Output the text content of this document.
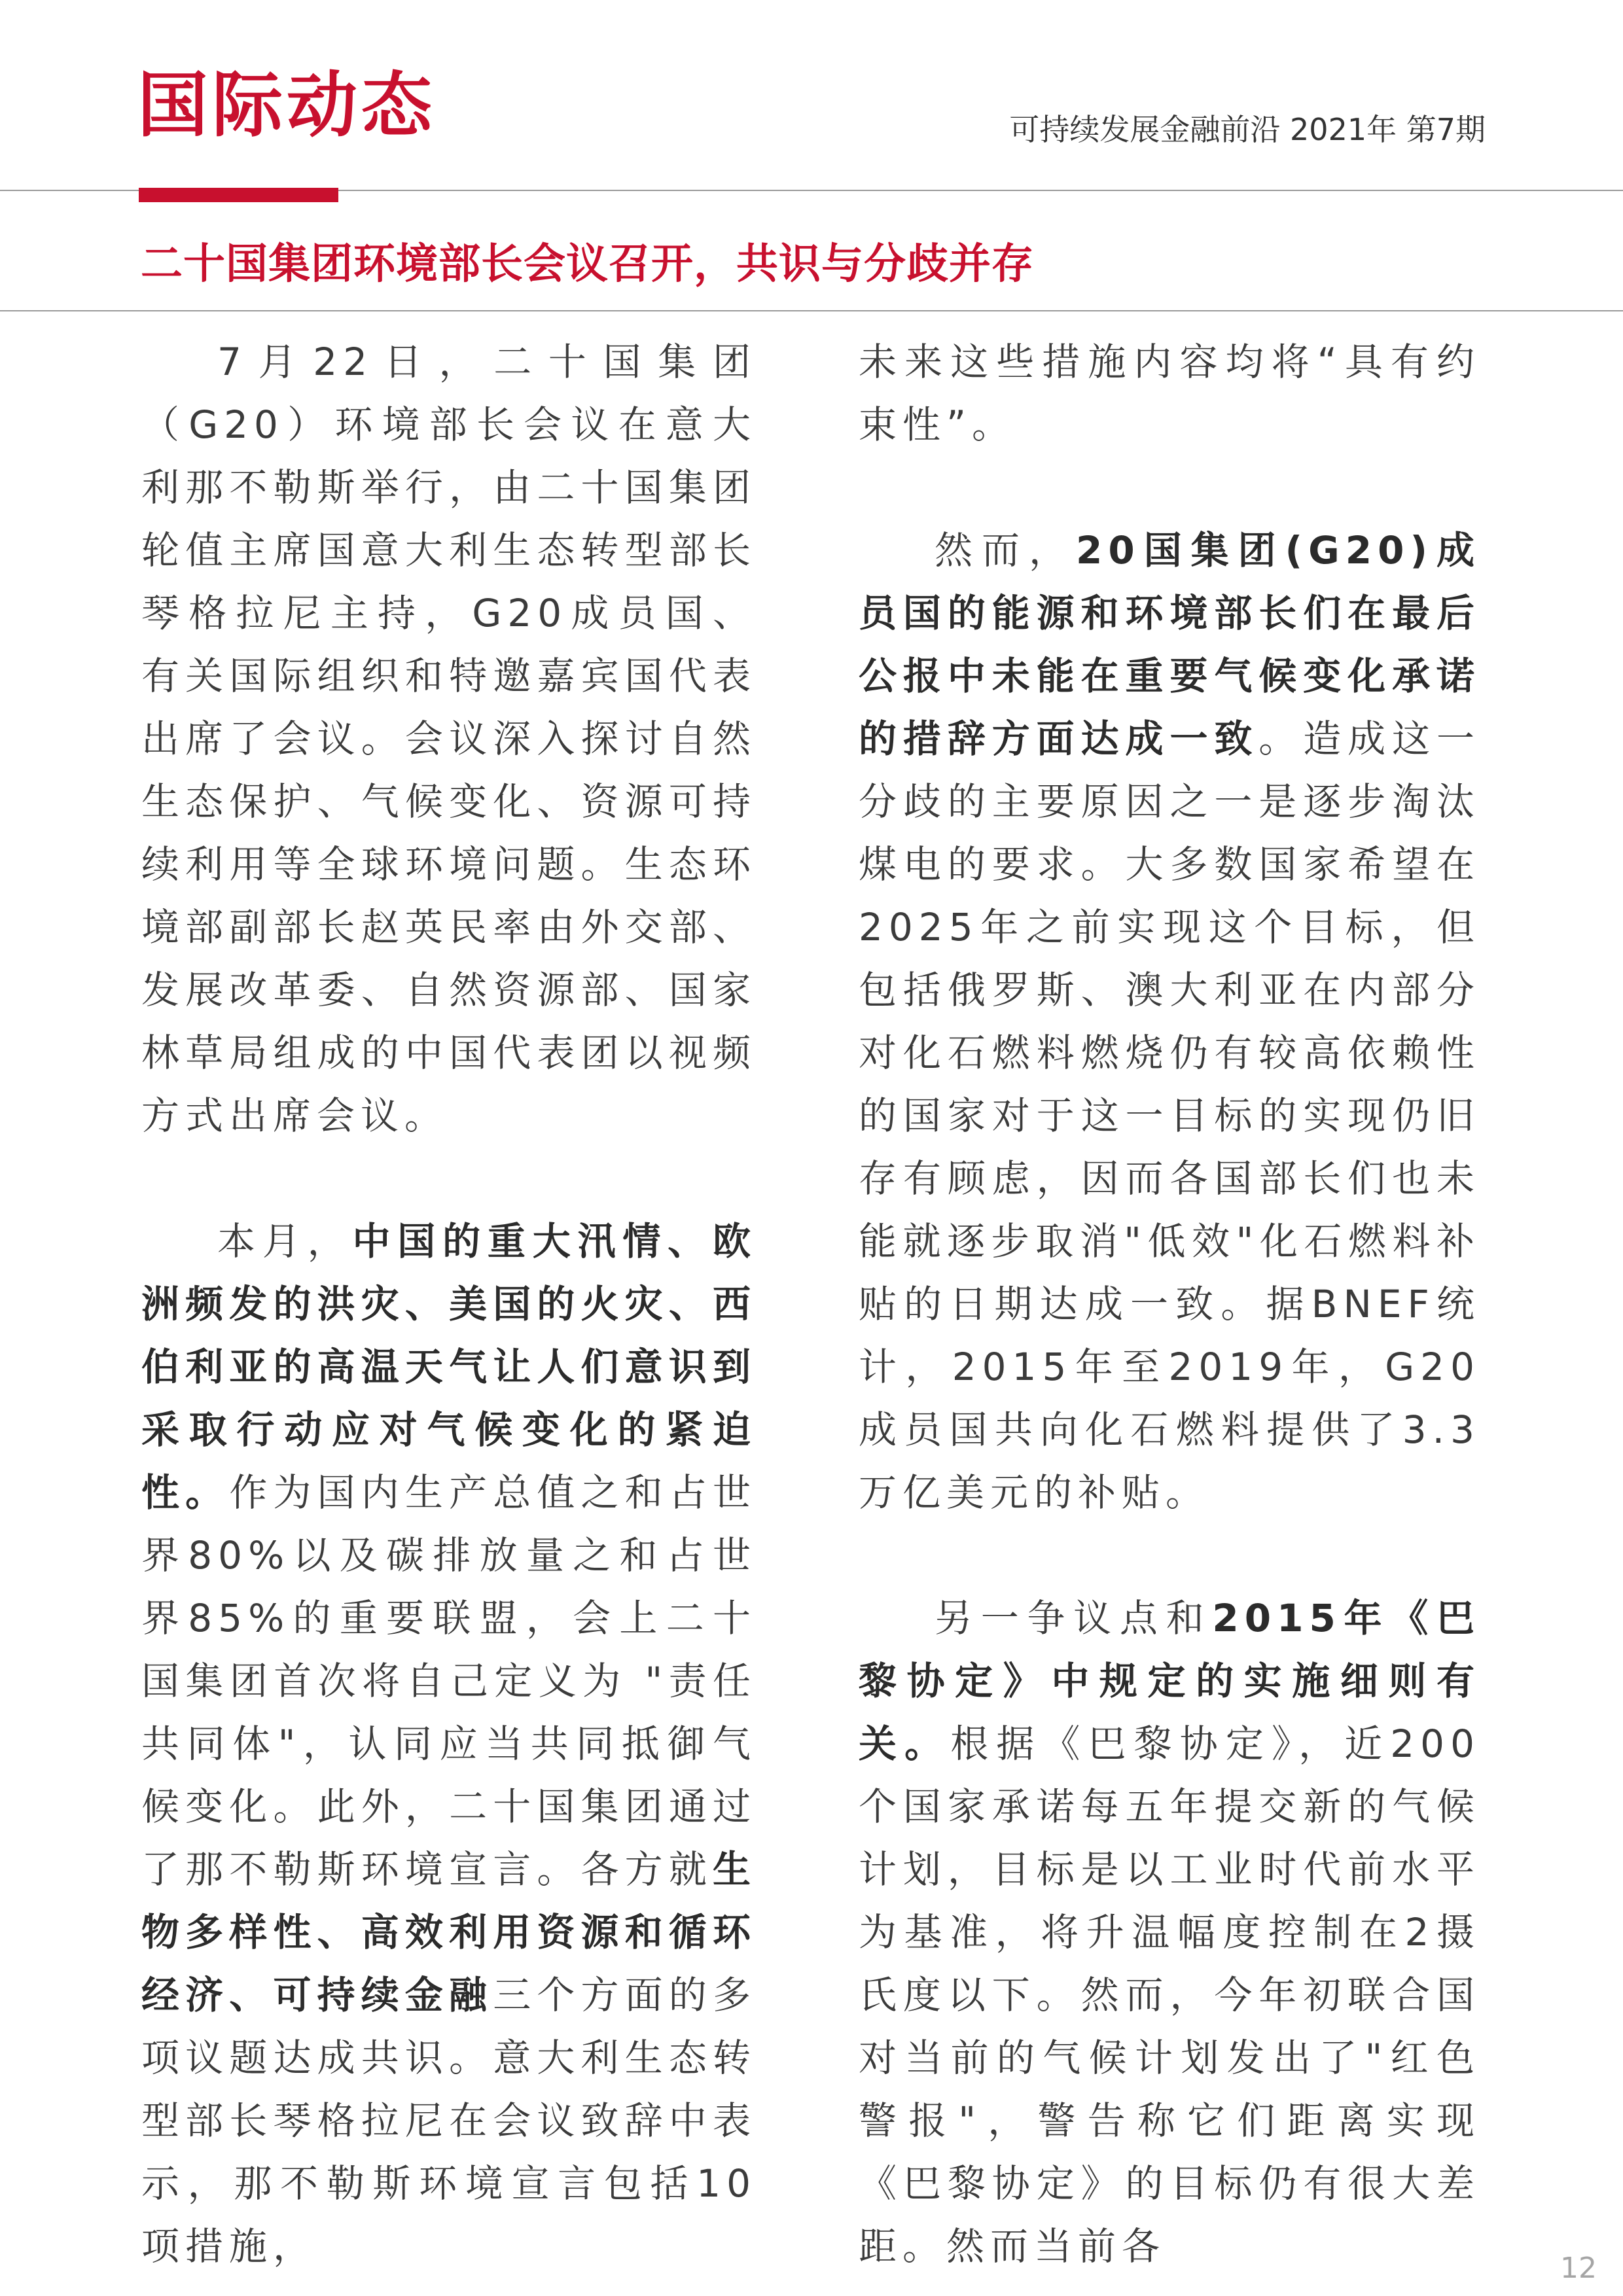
国际动态	可持续发展金融前沿 2021年 第7期
二十国集团环境部长会议召开，共识与分歧并存

7月22日，二十国集团（G20）环境部长会议在意大利那不勒斯举行，由二十国集团轮值主席国意大利生态转型部长琴格拉尼主持，G20成员国、有关国际组织和特邀嘉宾国代表出席了会议。会议深入探讨自然生态保护、气候变化、资源可持续利用等全球环境问题。生态环境部副部长赵英民率由外交部、发展改革委、自然资源部、国家林草局组成的中国代表团以视频方式出席会议。

本月，中国的重大汛情、欧洲频发的洪灾、美国的火灾、西伯利亚的高温天气让人们意识到采取行动应对气候变化的紧迫性。作为国内生产总值之和占世界80%以及碳排放量之和占世界85%的重要联盟，会上二十国集团首次将自己定义为 "责任共同体"，认同应当共同抵御气候变化。此外，二十国集团通过了那不勒斯环境宣言。各方就生物多样性、高效利用资源和循环经济、可持续金融三个方面的多项议题达成共识。意大利生态转型部长琴格拉尼在会议致辞中表示，那不勒斯环境宣言包括10项措施，

未来这些措施内容均将“具有约束性”。

然而，20国集团(G20)成员国的能源和环境部长们在最后公报中未能在重要气候变化承诺的措辞方面达成一致。造成这一分歧的主要原因之一是逐步淘汰煤电的要求。大多数国家希望在2025年之前实现这个目标，但包括俄罗斯、澳大利亚在内部分对化石燃料燃烧仍有较高依赖性的国家对于这一目标的实现仍旧存有顾虑，因而各国部长们也未能就逐步取消"低效"化石燃料补贴的日期达成一致。据BNEF统计，2015年至2019年，G20成员国共向化石燃料提供了3.3万亿美元的补贴。

另一争议点和2015年《巴黎协定》中规定的实施细则有关。根据《巴黎协定》，近200个国家承诺每五年提交新的气候计划，目标是以工业时代前水平为基准，将升温幅度控制在2摄氏度以下。然而，今年初联合国对当前的气候计划发出了"红色警报"，警告称它们距离实现《巴黎协定》的目标仍有很大差距。然而当前各	12
